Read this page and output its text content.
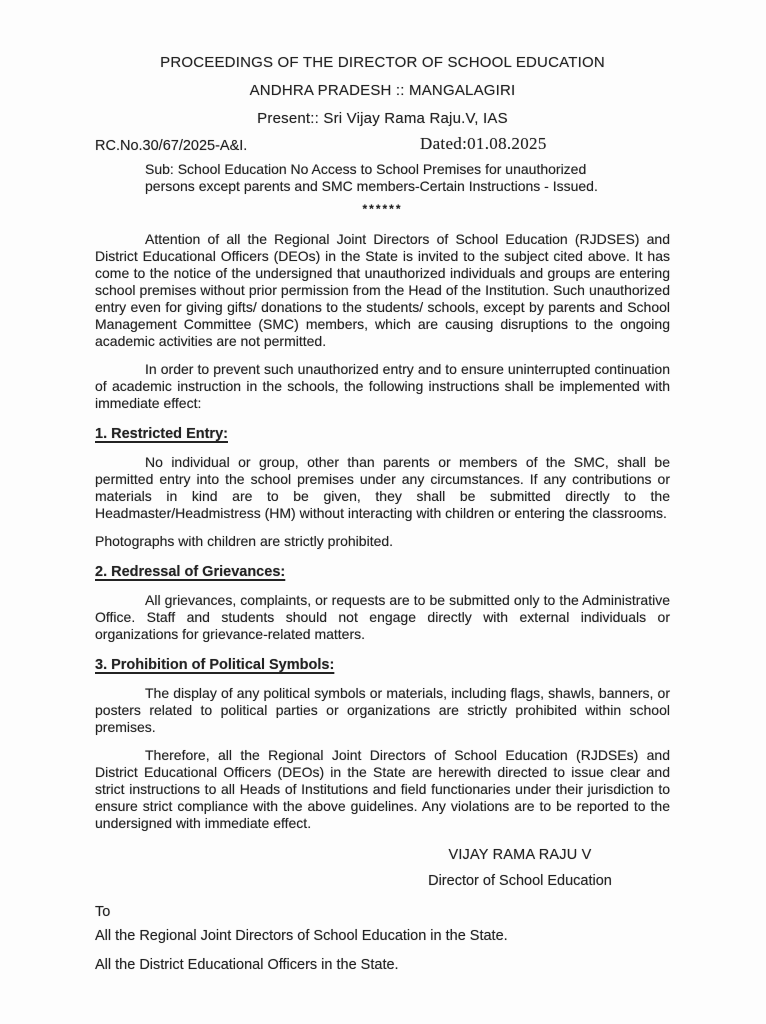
PROCEEDINGS OF THE DIRECTOR OF SCHOOL EDUCATION
ANDHRA PRADESH :: MANGALAGIRI
Present:: Sri Vijay Rama Raju.V, IAS
RC.No.30/67/2025-A&I.	Dated:01.08.2025
Sub: School Education No Access to School Premises for unauthorized
persons except parents and SMC members-Certain Instructions - Issued.
******
Attention of all the Regional Joint Directors of School Education (RJDSES) and District Educational Officers (DEOs) in the State is invited to the subject cited above. It has come to the notice of the undersigned that unauthorized individuals and groups are entering school premises without prior permission from the Head of the Institution. Such unauthorized entry even for giving gifts/ donations to the students/ schools, except by parents and School Management Committee (SMC) members, which are causing disruptions to the ongoing academic activities are not permitted.
In order to prevent such unauthorized entry and to ensure uninterrupted continuation of academic instruction in the schools, the following instructions shall be implemented with immediate effect:
1. Restricted Entry:
No individual or group, other than parents or members of the SMC, shall be permitted entry into the school premises under any circumstances. If any contributions or materials in kind are to be given, they shall be submitted directly to the Headmaster/Headmistress (HM) without interacting with children or entering the classrooms.
Photographs with children are strictly prohibited.
2. Redressal of Grievances:
All grievances, complaints, or requests are to be submitted only to the Administrative Office. Staff and students should not engage directly with external individuals or organizations for grievance-related matters.
3. Prohibition of Political Symbols:
The display of any political symbols or materials, including flags, shawls, banners, or posters related to political parties or organizations are strictly prohibited within school premises.
Therefore, all the Regional Joint Directors of School Education (RJDSEs) and District Educational Officers (DEOs) in the State are herewith directed to issue clear and strict instructions to all Heads of Institutions and field functionaries under their jurisdiction to ensure strict compliance with the above guidelines. Any violations are to be reported to the undersigned with immediate effect.
VIJAY RAMA RAJU V
Director of School Education
To
All the Regional Joint Directors of School Education in the State.
All the District Educational Officers in the State.
